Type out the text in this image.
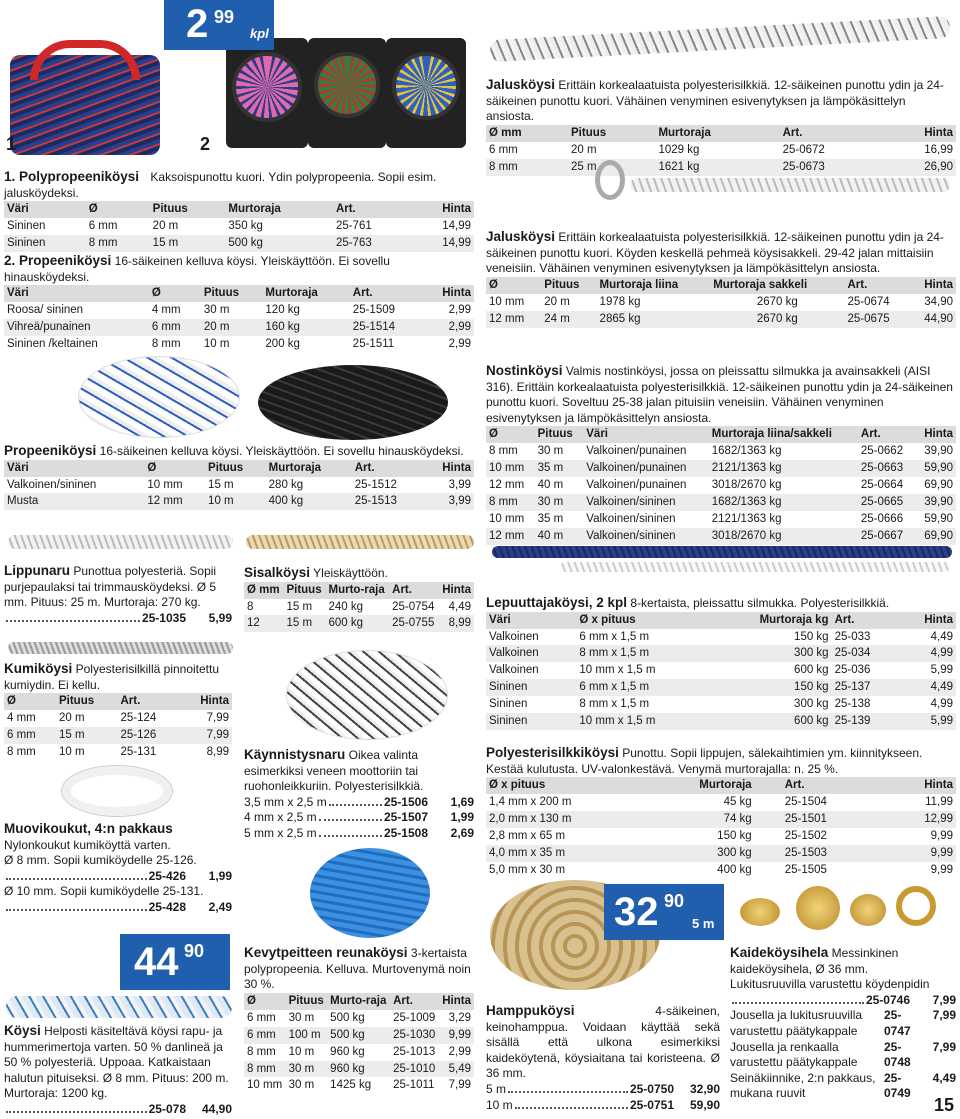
2 99
kpl
1	2

1. Polypropeeniköysi Kaksoispunottu kuori. Ydin polypropeenia. Sopii esim. jalusköydeksi.

Väri	Ø	Pituus	Murtoraja	Art.	Hinta
Sininen	6 mm	20 m	350 kg	25-761	14,99
Sininen	8 mm	15 m	500 kg	25-763	14,99

2. Propeeniköysi 16-säikeinen kelluva köysi. Yleiskäyttöön. Ei sovellu hinausköydeksi.

Väri	Ø	Pituus	Murtoraja	Art.	Hinta
Roosa/ sininen	4 mm	30 m	120 kg	25-1509	2,99
Vihreä/punainen	6 mm	20 m	160 kg	25-1514	2,99
Sininen /keltainen	8 mm	10 m	200 kg	25-1511	2,99

Jalusköysi Erittäin korkealaatuista polyesterisilkkiä. 12-säikeinen punottu ydin ja 24-säikeinen punottu kuori. Vähäinen venyminen esivenytyksen ja lämpökäsittelyn ansiosta.

Ø mm	Pituus	Murtoraja	Art.	Hinta
6 mm	20 m	1029 kg	25-0672	16,99
8 mm	25 m	1621 kg	25-0673	26,90

Jalusköysi Erittäin korkealaatuista polyesterisilkkiä. 12-säikeinen punottu ydin ja 24-säikeinen punottu kuori. Köyden keskellä pehmeä köysisakkeli. 29-42 jalan mittaisiin veneisiin. Vähäinen venyminen esivenytyksen ja lämpökäsittelyn ansiosta.

Ø	Pituus	Murtoraja liina	Murtoraja sakkeli	Art.	Hinta
10 mm	20 m	1978 kg	2670 kg	25-0674	34,90
12 mm	24 m	2865 kg	2670 kg	25-0675	44,90

Propeeniköysi 16-säikeinen kelluva köysi. Yleiskäyttöön. Ei sovellu hinausköydeksi.

Väri	Ø	Pituus	Murtoraja	Art.	Hinta
Valkoinen/sininen	10 mm	15 m	280 kg	25-1512	3,99
Musta	12 mm	10 m	400 kg	25-1513	3,99

Nostinköysi Valmis nostinköysi, jossa on pleissattu silmukka ja avainsakkeli (AISI 316). Erittäin korkealaatuista polyesterisilkkiä. 12-säikeinen punottu ydin ja 24-säikeinen punottu kuori. Soveltuu 25-38 jalan pituisiin veneisiin. Vähäinen venyminen esivenytyksen ja lämpökäsittelyn ansiosta.

Ø	Pituus	Väri	Murtoraja liina/sakkeli	Art.	Hinta
8 mm	30 m	Valkoinen/punainen	1682/1363 kg	25-0662	39,90
10 mm	35 m	Valkoinen/punainen	2121/1363 kg	25-0663	59,90
12 mm	40 m	Valkoinen/punainen	3018/2670 kg	25-0664	69,90
8 mm	30 m	Valkoinen/sininen	1682/1363 kg	25-0665	39,90
10 mm	35 m	Valkoinen/sininen	2121/1363 kg	25-0666	59,90
12 mm	40 m	Valkoinen/sininen	3018/2670 kg	25-0667	69,90

Lippunaru Punottua polyesteriä. Sopii purjepaulaksi tai trimmausköydeksi. Ø 5 mm. Pituus: 25 m. Murtoraja: 270 kg.

25-1035	5,99

Kumiköysi Polyesterisilkillä pinnoitettu kumiydin. Ei kellu.

Ø	Pituus	Art.	Hinta
4 mm	20 m	25-124	7,99
6 mm	15 m	25-126	7,99
8 mm	10 m	25-131	8,99

Muovikoukut, 4:n pakkaus Nylonkoukut kumiköyttä varten.

Ø 8 mm. Sopii kumiköydelle 25-126.

25-426	1,99

Ø 10 mm. Sopii kumiköydelle 25-131.

25-428	2,49
44 90

Köysi Helposti käsiteltävä köysi rapu- ja hummerimertoja varten. 50 % danlineä ja 50 % polyesteriä. Uppoaa. Katkaistaan halutun pituiseksi. Ø 8 mm. Pituus: 200 m. Murtoraja: 1200 kg.

25-078	44,90

Sisalköysi Yleiskäyttöön.

Ø mm	Pituus	Murto-raja	Art.	Hinta
8	15 m	240 kg	25-0754	4,49
12	15 m	600 kg	25-0755	8,99

Käynnistysnaru Oikea valinta esimerkiksi veneen moottoriin tai ruohonleikkuriin. Polyesterisilkkiä.

3,5 mm x 2,5 m	25-1506	1,69
4 mm x 2,5 m	25-1507	1,99
5 mm x 2,5 m	25-1508	2,69

Kevytpeitteen reunaköysi 3-kertaista polypropeenia. Kelluva. Murtovenymä noin 30 %.

Ø	Pituus	Murto-raja	Art.	Hinta
6 mm	30 m	500 kg	25-1009	3,29
6 mm	100 m	500 kg	25-1030	9,99
8 mm	10 m	960 kg	25-1013	2,99
8 mm	30 m	960 kg	25-1010	5,49
10 mm	30 m	1425 kg	25-1011	7,99

Lepuuttajaköysi, 2 kpl 8-kertaista, pleissattu silmukka. Polyesterisilkkiä.

Väri	Ø x pituus	Murtoraja kg	Art.	Hinta
Valkoinen	6 mm x 1,5 m	150 kg	25-033	4,49
Valkoinen	8 mm x 1,5 m	300 kg	25-034	4,99
Valkoinen	10 mm x 1,5 m	600 kg	25-036	5,99
Sininen	6 mm x 1,5 m	150 kg	25-137	4,49
Sininen	8 mm x 1,5 m	300 kg	25-138	4,99
Sininen	10 mm x 1,5 m	600 kg	25-139	5,99

Polyesterisilkkiköysi Punottu. Sopii lippujen, sälekaihtimien ym. kiinnitykseen. Kestää kulutusta. UV-valonkestävä. Venymä murtorajalla: n. 25 %.

Ø x pituus	Murtoraja	Art.	Hinta
1,4 mm x 200 m	45 kg	25-1504	11,99
2,0 mm x 130 m	74 kg	25-1501	12,99
2,8 mm x 65 m	150 kg	25-1502	9,99
4,0 mm x 35 m	300 kg	25-1503	9,99
5,0 mm x 30 m	400 kg	25-1505	9,99
32 90
5 m

Hamppuköysi	4-säikeinen, keinohamppua. Voidaan käyttää sekä sisällä että ulkona esimerkiksi kaideköytenä, köysiaitana tai koristeena. Ø 36 mm.

5 m	25-0750	32,90
10 m	25-0751	59,90

Kaideköysihela Messinkinen kaideköysihela, Ø 36 mm.

Lukitusruuvilla varustettu köydenpidin

25-0746	7,99
Jousella ja lukitusruuvilla varustettu päätykappale
25-0747
7,99
Jousella ja renkaalla varustettu päätykappale
25-0748
7,99
Seinäkiinnike, 2:n pakkaus, mukana ruuvit
25-0749
4,49
15
